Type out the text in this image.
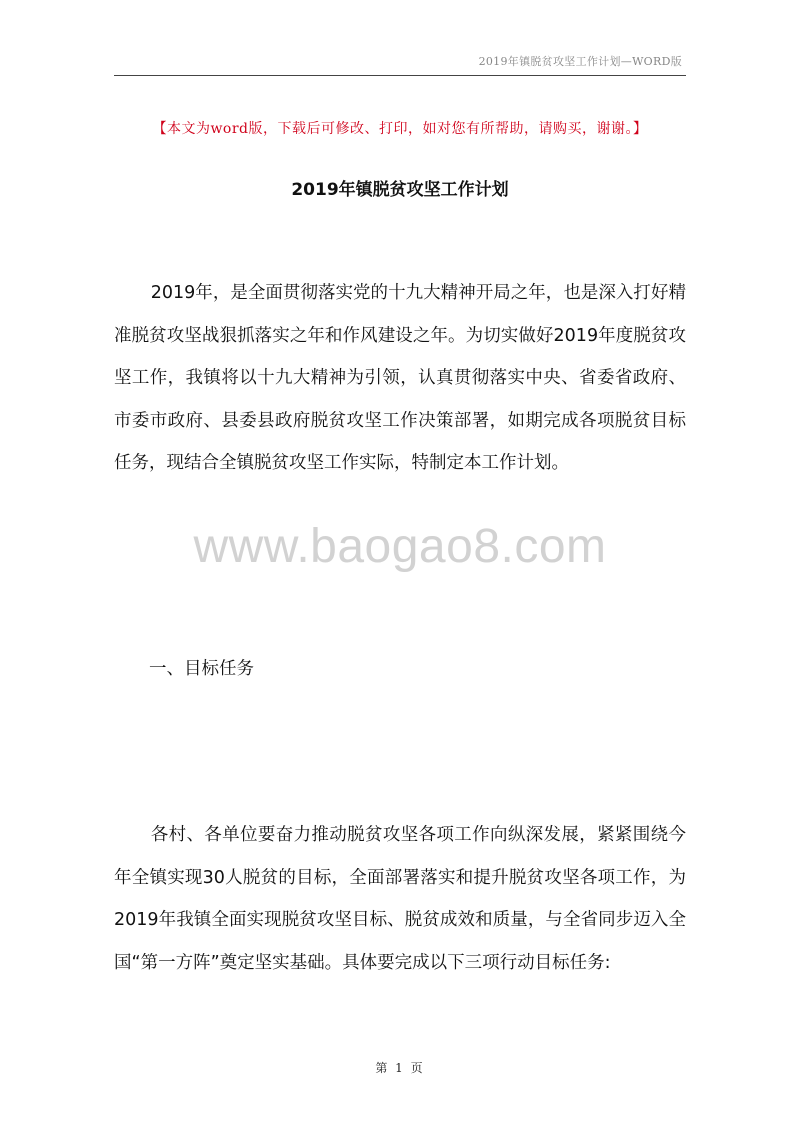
2019年镇脱贫攻坚工作计划—WORD版
【本文为word版，下载后可修改、打印，如对您有所帮助，请购买，谢谢。】
2019年镇脱贫攻坚工作计划

2019年，是全面贯彻落实党的十九大精神开局之年，也是深入打好精准脱贫攻坚战狠抓落实之年和作风建设之年。为切实做好2019年度脱贫攻坚工作，我镇将以十九大精神为引领，认真贯彻落实中央、省委省政府、市委市政府、县委县政府脱贫攻坚工作决策部署，如期完成各项脱贫目标任务，现结合全镇脱贫攻坚工作实际，特制定本工作计划。

www.baogao8.com
一、目标任务

各村、各单位要奋力推动脱贫攻坚各项工作向纵深发展，紧紧围绕今年全镇实现30人脱贫的目标，全面部署落实和提升脱贫攻坚各项工作，为2019年我镇全面实现脱贫攻坚目标、脱贫成效和质量，与全省同步迈入全国“第一方阵”奠定坚实基础。具体要完成以下三项行动目标任务:

第 1 页
